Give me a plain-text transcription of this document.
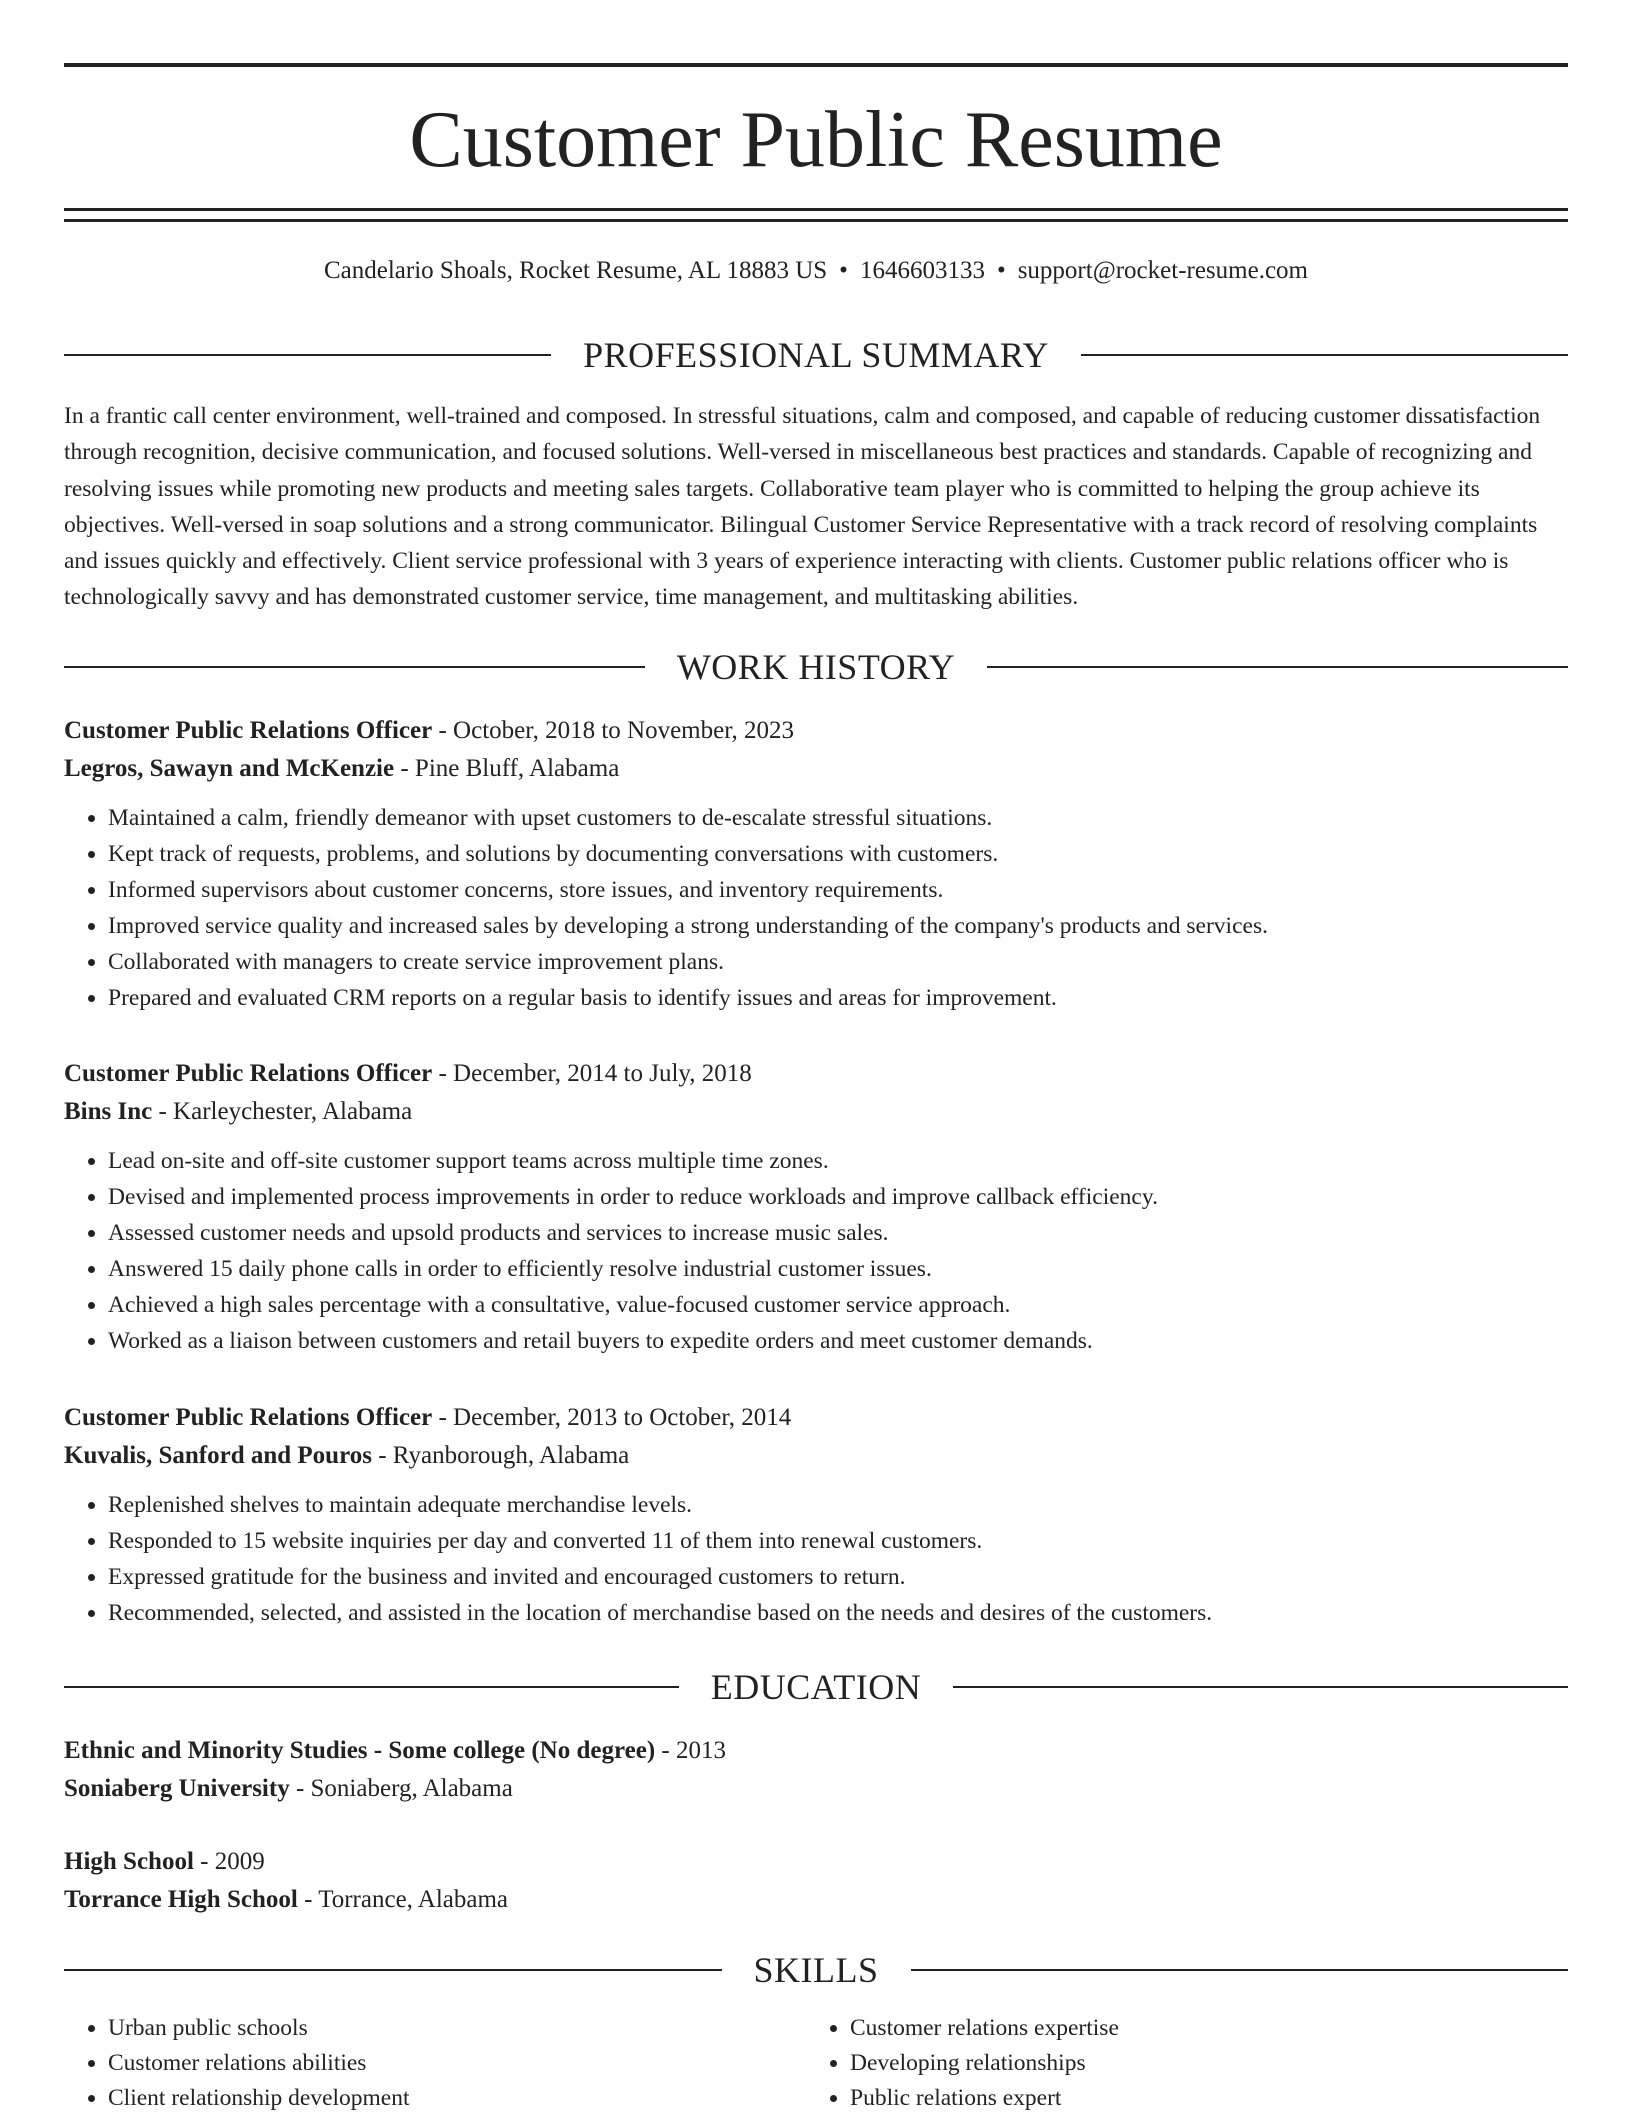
Customer Public Resume
Candelario Shoals, Rocket Resume, AL 18883 US • 1646603133 • support@rocket-resume.com
PROFESSIONAL SUMMARY

In a frantic call center environment, well-trained and composed. In stressful situations, calm and composed, and capable of reducing customer dissatisfaction through recognition, decisive communication, and focused solutions. Well-versed in miscellaneous best practices and standards. Capable of recognizing and resolving issues while promoting new products and meeting sales targets. Collaborative team player who is committed to helping the group achieve its objectives. Well-versed in soap solutions and a strong communicator. Bilingual Customer Service Representative with a track record of resolving complaints and issues quickly and effectively. Client service professional with 3 years of experience interacting with clients. Customer public relations officer who is technologically savvy and has demonstrated customer service, time management, and multitasking abilities.

WORK HISTORY
Customer Public Relations Officer - October, 2018 to November, 2023
Legros, Sawayn and McKenzie - Pine Bluff, Alabama
• Maintained a calm, friendly demeanor with upset customers to de-escalate stressful situations.
• Kept track of requests, problems, and solutions by documenting conversations with customers.
• Informed supervisors about customer concerns, store issues, and inventory requirements.
• Improved service quality and increased sales by developing a strong understanding of the company's products and services.
• Collaborated with managers to create service improvement plans.
• Prepared and evaluated CRM reports on a regular basis to identify issues and areas for improvement.
Customer Public Relations Officer - December, 2014 to July, 2018
Bins Inc - Karleychester, Alabama
• Lead on-site and off-site customer support teams across multiple time zones.
• Devised and implemented process improvements in order to reduce workloads and improve callback efficiency.
• Assessed customer needs and upsold products and services to increase music sales.
• Answered 15 daily phone calls in order to efficiently resolve industrial customer issues.
• Achieved a high sales percentage with a consultative, value-focused customer service approach.
• Worked as a liaison between customers and retail buyers to expedite orders and meet customer demands.
Customer Public Relations Officer - December, 2013 to October, 2014
Kuvalis, Sanford and Pouros - Ryanborough, Alabama
• Replenished shelves to maintain adequate merchandise levels.
• Responded to 15 website inquiries per day and converted 11 of them into renewal customers.
• Expressed gratitude for the business and invited and encouraged customers to return.
• Recommended, selected, and assisted in the location of merchandise based on the needs and desires of the customers.
EDUCATION
Ethnic and Minority Studies - Some college (No degree) - 2013
Soniaberg University - Soniaberg, Alabama
High School - 2009
Torrance High School - Torrance, Alabama
SKILLS
• Urban public schools
• Customer relations abilities
• Client relationship development
• Customer relations expertise
• Developing relationships
• Public relations expert
